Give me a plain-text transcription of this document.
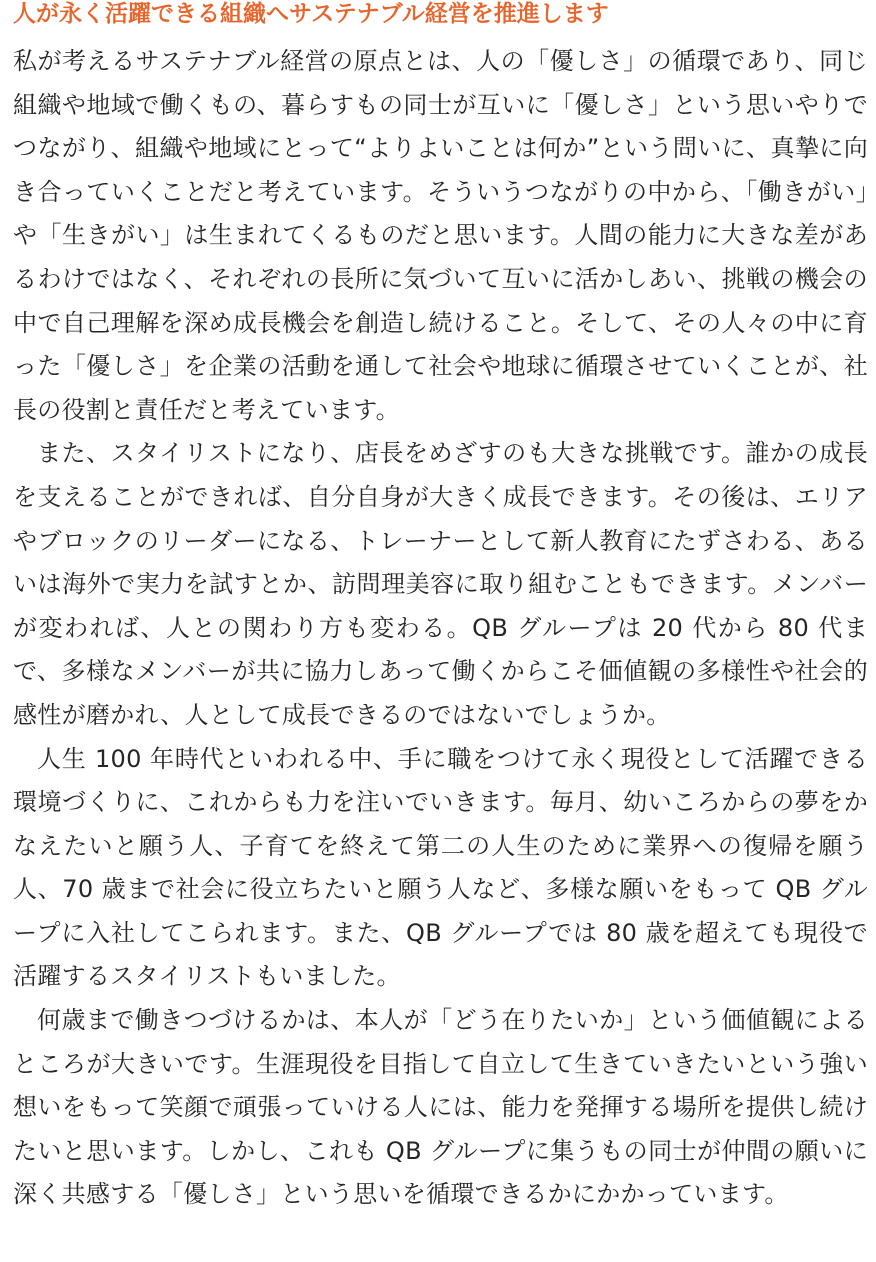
人が永く活躍できる組織へサステナブル経営を推進します

私が考えるサステナブル経営の原点とは、人の「優しさ」の循環であり、同じ組織や地域で働くもの、暮らすもの同士が互いに「優しさ」という思いやりでつながり、組織や地域にとって“よりよいことは何か”という問いに、真摯に向き合っていくことだと考えています。そういうつながりの中から、「働きがい」や「生きがい」は生まれてくるものだと思います。人間の能力に大きな差があるわけではなく、それぞれの長所に気づいて互いに活かしあい、挑戦の機会の中で自己理解を深め成長機会を創造し続けること。そして、その人々の中に育った「優しさ」を企業の活動を通して社会や地球に循環させていくことが、社長の役割と責任だと考えています。

また、スタイリストになり、店長をめざすのも大きな挑戦です。誰かの成長を支えることができれば、自分自身が大きく成長できます。その後は、エリアやブロックのリーダーになる、トレーナーとして新人教育にたずさわる、あるいは海外で実力を試すとか、訪問理美容に取り組むこともできます。メンバーが変われば、人との関わり方も変わる。QB グループは 20 代から 80 代まで、多様なメンバーが共に協力しあって働くからこそ価値観の多様性や社会的感性が磨かれ、人として成長できるのではないでしょうか。

人生 100 年時代といわれる中、手に職をつけて永く現役として活躍できる環境づくりに、これからも力を注いでいきます。毎月、幼いころからの夢をかなえたいと願う人、子育てを終えて第二の人生のために業界への復帰を願う人、70 歳まで社会に役立ちたいと願う人など、多様な願いをもって QB グループに入社してこられます。また、QB グループでは 80 歳を超えても現役で活躍するスタイリストもいました。

何歳まで働きつづけるかは、本人が「どう在りたいか」という価値観によるところが大きいです。生涯現役を目指して自立して生きていきたいという強い想いをもって笑顔で頑張っていける人には、能力を発揮する場所を提供し続けたいと思います。しかし、これも QB グループに集うもの同士が仲間の願いに深く共感する「優しさ」という思いを循環できるかにかかっています。
